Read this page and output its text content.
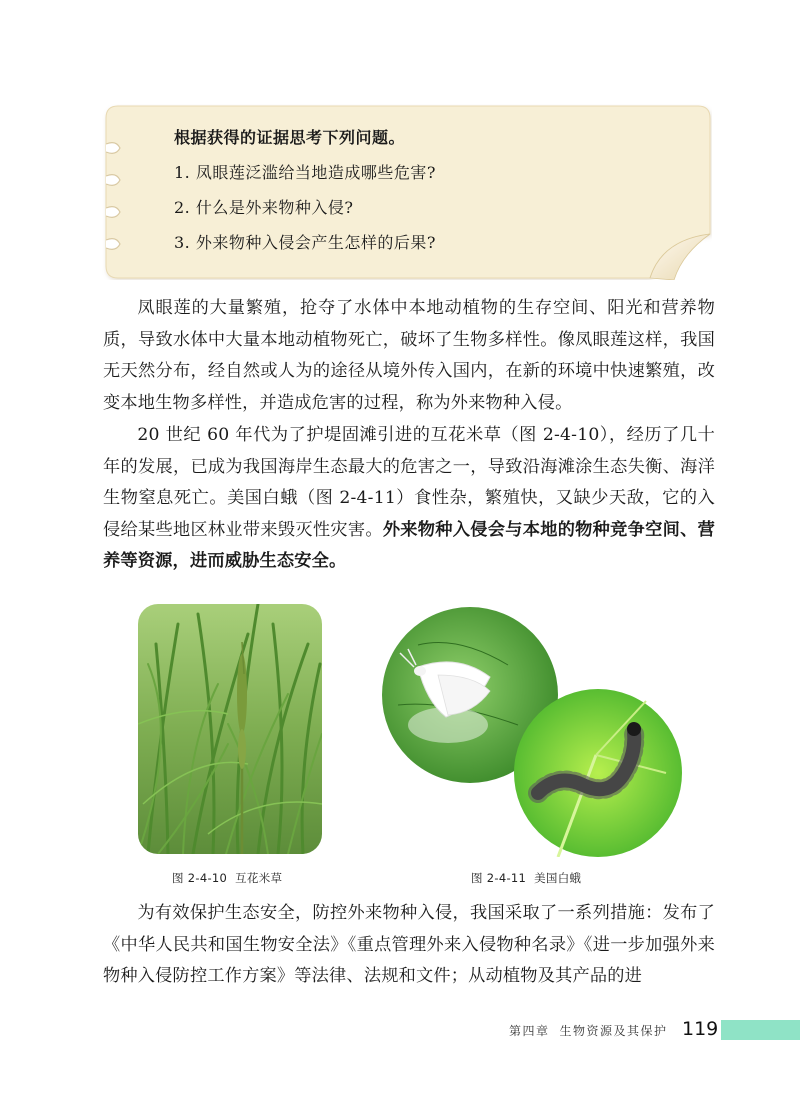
根据获得的证据思考下列问题。

1. 凤眼莲泛滥给当地造成哪些危害?

2. 什么是外来物种入侵?

3. 外来物种入侵会产生怎样的后果?

凤眼莲的大量繁殖，抢夺了水体中本地动植物的生存空间、阳光和营养物质，导致水体中大量本地动植物死亡，破坏了生物多样性。像凤眼莲这样，我国无天然分布，经自然或人为的途径从境外传入国内，在新的环境中快速繁殖，改变本地生物多样性，并造成危害的过程，称为外来物种入侵。

20 世纪 60 年代为了护堤固滩引进的互花米草（图 2-4-10），经历了几十年的发展，已成为我国海岸生态最大的危害之一，导致沿海滩涂生态失衡、海洋生物窒息死亡。美国白蛾（图 2-4-11）食性杂，繁殖快，又缺少天敌，它的入侵给某些地区林业带来毁灭性灾害。外来物种入侵会与本地的物种竞争空间、营养等资源，进而威胁生态安全。

图 2-4-10 互花米草	图 2-4-11 美国白蛾

为有效保护生态安全，防控外来物种入侵，我国采取了一系列措施：发布了《中华人民共和国生物安全法》《重点管理外来入侵物种名录》《进一步加强外来物种入侵防控工作方案》等法律、法规和文件；从动植物及其产品的进

第四章 生物资源及其保护 119
